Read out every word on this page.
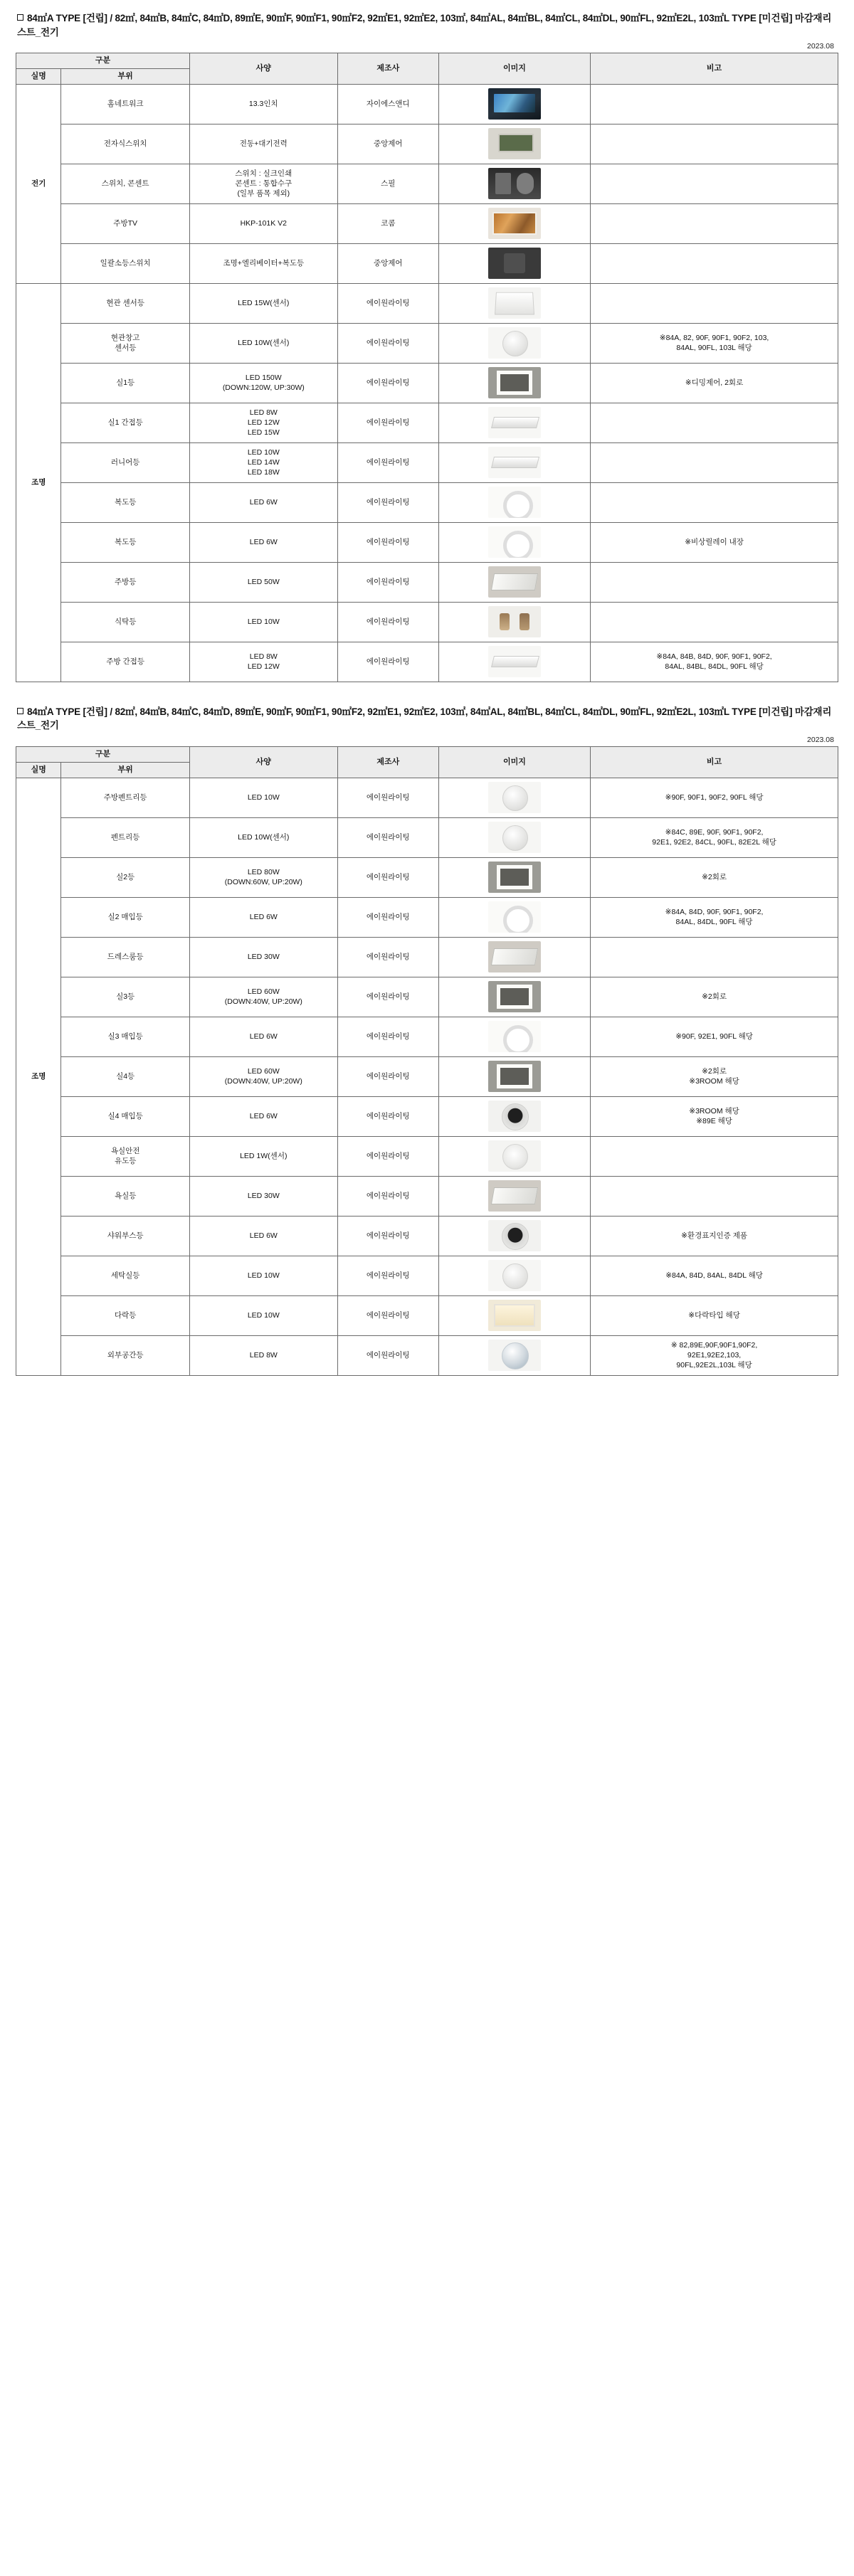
84㎡A TYPE [건립] / 82㎡, 84㎡B, 84㎡C, 84㎡D, 89㎡E, 90㎡F, 90㎡F1, 90㎡F2, 92㎡E1, 92㎡E2, 103㎡, 84㎡AL, 84㎡BL, 84㎡CL, 84㎡DL, 90㎡FL, 92㎡E2L, 103㎡L TYPE [미건립] 마감재리스트_전기
2023.08
구분		사양	제조사	이미지	비고
실명	부위				
전기	홈네트워크	13.3인치	자이에스앤디	

	전자식스위치	전동+대기전력	중앙제어	

	스위치, 콘센트	스위치 : 실크인쇄
콘센트 : 통합수구
(일부 품목 제외)	스필	

	주방TV	HKP-101K V2	코콤	

	일괄소등스위치	조명+엘리베이터+복도등	중앙제어	

조명	현관 센서등	LED 15W(센서)	에이원라이팅	

	현관창고
센서등	LED 10W(센서)	에이원라이팅		※84A, 82, 90F, 90F1, 90F2, 103,
84AL, 90FL, 103L 해당
	실1등	LED 150W
(DOWN:120W, UP:30W)	에이원라이팅		※디밍제어, 2회로
	실1 간접등	LED 8W
LED 12W
LED 15W	에이원라이팅	

	러니어등	LED 10W
LED 14W
LED 18W	에이원라이팅	

	복도등	LED 6W	에이원라이팅	

	복도등	LED 6W	에이원라이팅		※비상릴레이 내장
	주방등	LED 50W	에이원라이팅	

	식탁등	LED 10W	에이원라이팅	

	주방 간접등	LED 8W
LED 12W	에이원라이팅		※84A, 84B, 84D, 90F, 90F1, 90F2,
84AL, 84BL, 84DL, 90FL 해당
84㎡A TYPE [건립] / 82㎡, 84㎡B, 84㎡C, 84㎡D, 89㎡E, 90㎡F, 90㎡F1, 90㎡F2, 92㎡E1, 92㎡E2, 103㎡, 84㎡AL, 84㎡BL, 84㎡CL, 84㎡DL, 90㎡FL, 92㎡E2L, 103㎡L TYPE [미건립] 마감재리스트_전기
2023.08
구분		사양	제조사	이미지	비고
실명	부위				
조명	주방펜트리등	LED 10W	에이원라이팅		※90F, 90F1, 90F2, 90FL 해당
	펜트리등	LED 10W(센서)	에이원라이팅		※84C, 89E, 90F, 90F1, 90F2,
92E1, 92E2, 84CL, 90FL, 82E2L 해당
	실2등	LED 80W
(DOWN:60W, UP:20W)	에이원라이팅		※2회로
	실2 매입등	LED 6W	에이원라이팅		※84A, 84D, 90F, 90F1, 90F2,
84AL, 84DL, 90FL 해당
	드레스룸등	LED 30W	에이원라이팅	

	실3등	LED 60W
(DOWN:40W, UP:20W)	에이원라이팅		※2회로
	실3 매입등	LED 6W	에이원라이팅		※90F, 92E1, 90FL 해당
	실4등	LED 60W
(DOWN:40W, UP:20W)	에이원라이팅		※2회로
※3ROOM 해당
	실4 매입등	LED 6W	에이원라이팅		※3ROOM 해당
※89E 해당
	욕실안전
유도등	LED 1W(센서)	에이원라이팅	

	욕실등	LED 30W	에이원라이팅	

	샤워부스등	LED 6W	에이원라이팅		※환경표지인증 제품
	세탁실등	LED 10W	에이원라이팅		※84A, 84D, 84AL, 84DL 해당
	다락등	LED 10W	에이원라이팅		※다락타입 해당
	외부공간등	LED 8W	에이원라이팅		※ 82,89E,90F,90F1,90F2,
92E1,92E2,103,
90FL,92E2L,103L 해당
